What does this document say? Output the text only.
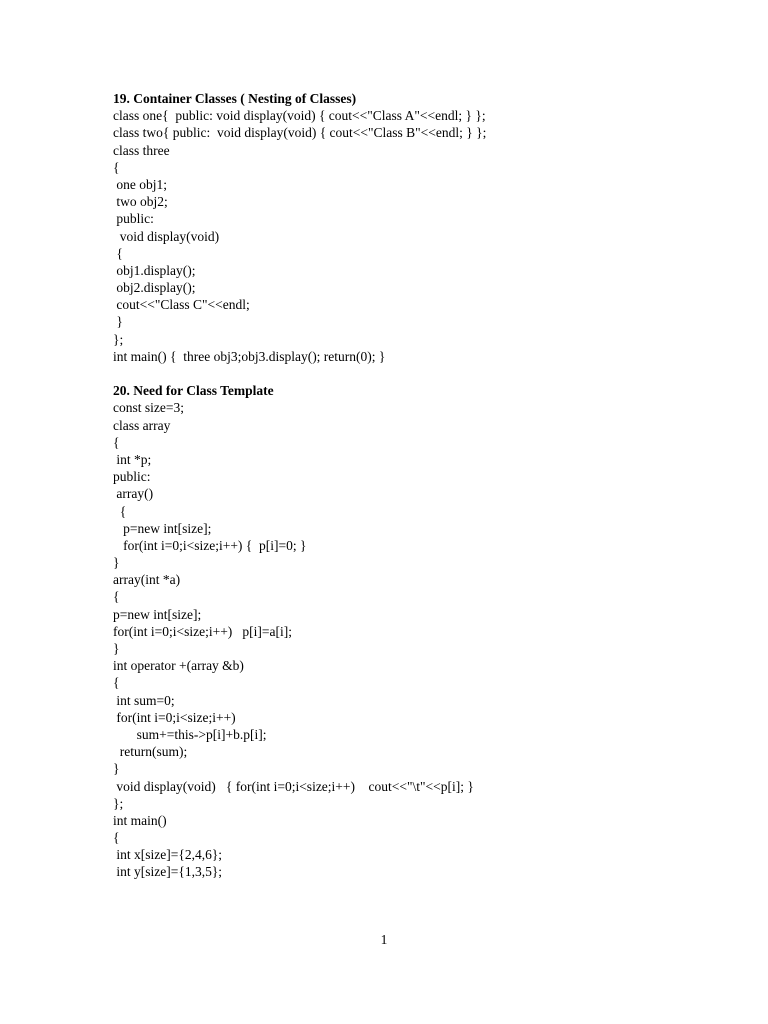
19. Container Classes ( Nesting of Classes)
class one{  public: void display(void) { cout<<"Class A"<<endl; } };
class two{ public:  void display(void) { cout<<"Class B"<<endl; } };
class three
{
one obj1;
two obj2;
public:
void display(void)
{
obj1.display();
obj2.display();
cout<<"Class C"<<endl;
}
};
int main() {  three obj3;obj3.display(); return(0); }
20. Need for Class Template
const size=3;
class array
{
int *p;
public:
array()
{
p=new int[size];
for(int i=0;i<size;i++) {  p[i]=0; }
}
array(int *a)
{
p=new int[size];
for(int i=0;i<size;i++)   p[i]=a[i];
}
int operator +(array &b)
{
int sum=0;
for(int i=0;i<size;i++)
sum+=this->p[i]+b.p[i];
return(sum);
}
void display(void)   { for(int i=0;i<size;i++)    cout<<"\t"<<p[i]; }
};
int main()
{
int x[size]={2,4,6};
int y[size]={1,3,5};
1
